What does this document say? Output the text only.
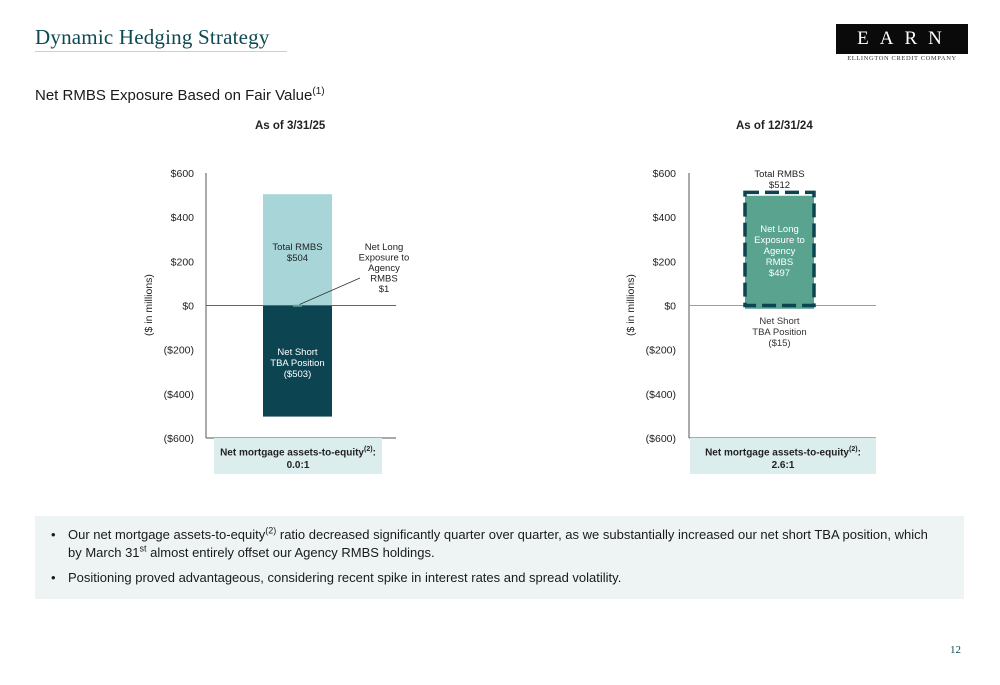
Dynamic Hedging Strategy	EARN
ELLINGTON CREDIT COMPANY
Net RMBS Exposure Based on Fair Value$^{(1)}$
As of 3/31/25	As of 12/31/24
$600
$400
$200
$0
($200)
($400)
($600)
($ in millions)
Total RMBS $504
Net Short TBA Position ($503)
Net Long Exposure to Agency RMBS $1
$600
$400
$200
$0
($200)
($400)
($600)
($ in millions)
Total RMBS $512
Net Long Exposure to Agency RMBS $497
Net Short TBA Position ($15)
Net mortgage assets-to-equity$^{(2)}$:
0.0:1
Net mortgage assets-to-equity$^{(2)}$:
2.6:1
• Our net mortgage assets-to-equity$^{(2)}$ ratio decreased significantly quarter over quarter, as we substantially increased our net short TBA position, which by March 31st almost entirely offset our Agency RMBS holdings.
• Positioning proved advantageous, considering recent spike in interest rates and spread volatility.
12
